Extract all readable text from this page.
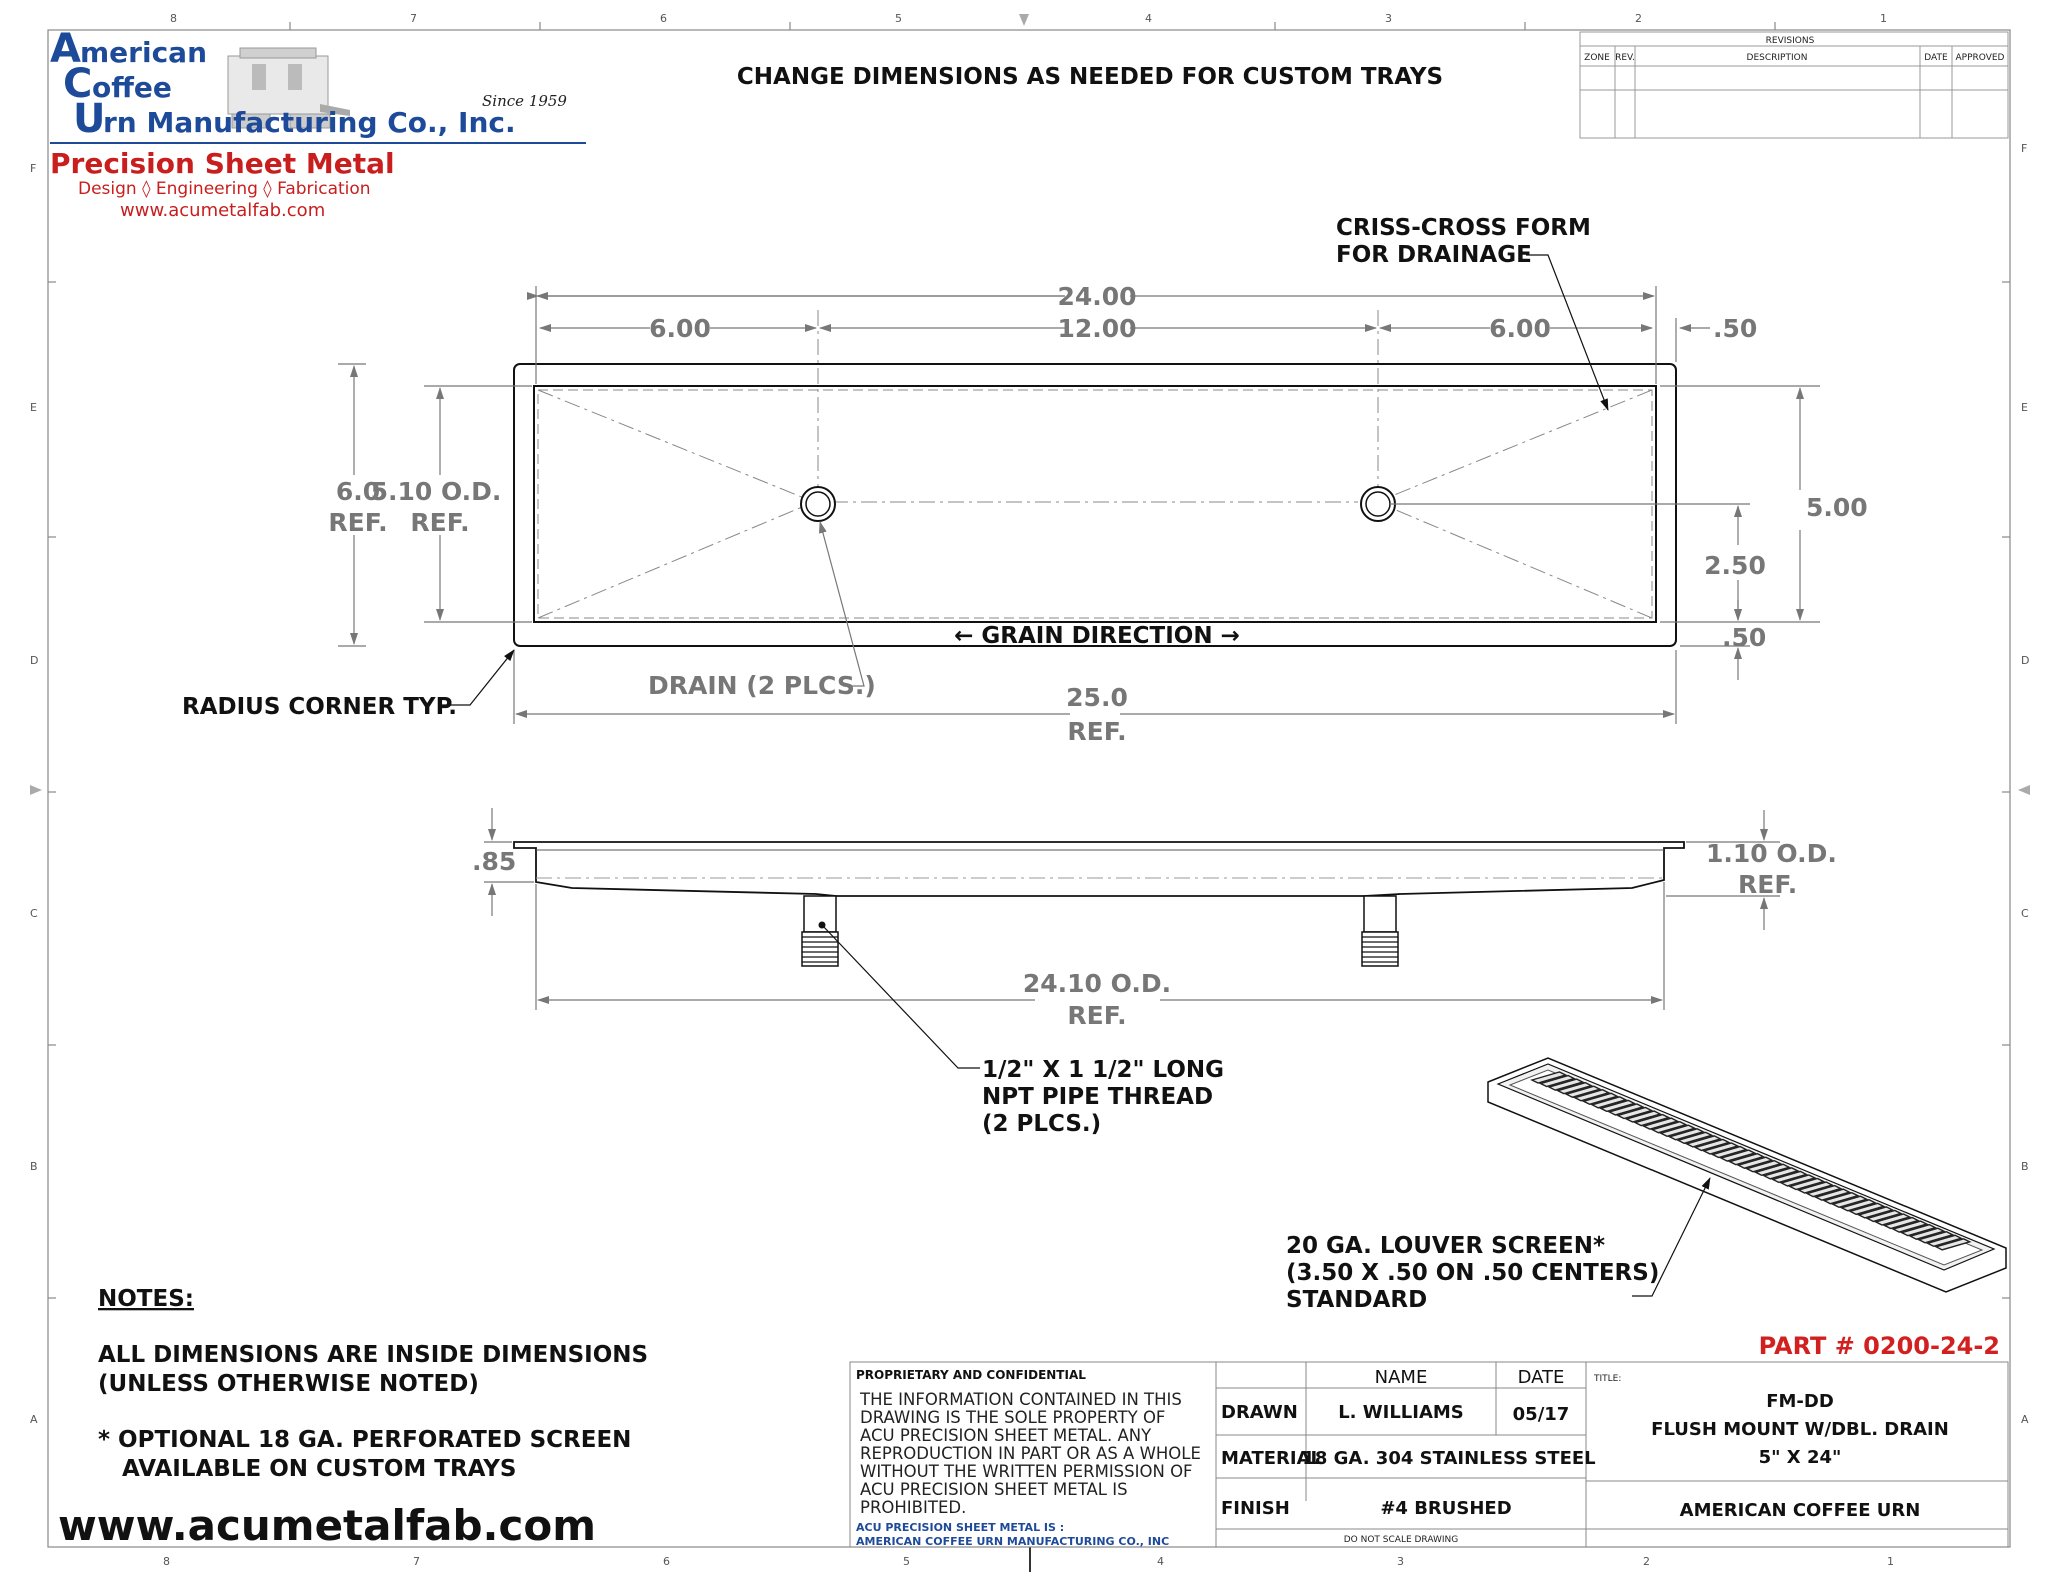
8	7	6	5	4	3	2	1
8	7	6	5	4	3	2	1
F
E
D
C
B
A
F
E
D
C
B
A
A merican
C offee
U
rn Manufacturing Co., Inc.
Since 1959
Precision Sheet Metal
Design ◊ Engineering ◊ Fabrication
www.acumetalfab.com
CHANGE DIMENSIONS AS NEEDED FOR CUSTOM TRAYS
REVISIONS
ZONE REV.	DESCRIPTION	DATE APPROVED
24.00
6.00	12.00	6.00	.50
6.0
REF.
5.10 O.D.
REF.
5.00
2.50
.50
← GRAIN DIRECTION →
25.0
REF.
DRAIN (2 PLCS.)
RADIUS CORNER TYP.
CRISS-CROSS FORM
FOR DRAINAGE
.85	1.10 O.D.
REF.
24.10 O.D.
REF.
1/2" X 1 1/2" LONG
NPT PIPE THREAD
(2 PLCS.)
20 GA. LOUVER SCREEN*
(3.50 X .50 ON .50 CENTERS)
STANDARD
PART # 0200-24-2
NOTES:
ALL DIMENSIONS ARE INSIDE DIMENSIONS
(UNLESS OTHERWISE NOTED)
* OPTIONAL 18 GA. PERFORATED SCREEN
AVAILABLE ON CUSTOM TRAYS
www.acumetalfab.com
PROPRIETARY AND CONFIDENTIAL
THE INFORMATION CONTAINED IN THIS
DRAWING IS THE SOLE PROPERTY OF
ACU PRECISION SHEET METAL. ANY
REPRODUCTION IN PART OR AS A WHOLE
WITHOUT THE WRITTEN PERMISSION OF
ACU PRECISION SHEET METAL IS
PROHIBITED.
ACU PRECISION SHEET METAL IS :
AMERICAN COFFEE URN MANUFACTURING CO., INC
NAME	DATE
DRAWN L. WILLIAMS	05/17
MATERIAL
18 GA. 304 STAINLESS STEEL
FINISH	#4 BRUSHED
DO NOT SCALE DRAWING
TITLE:
FM-DD
FLUSH MOUNT W/DBL. DRAIN
5" X 24"
AMERICAN COFFEE URN
